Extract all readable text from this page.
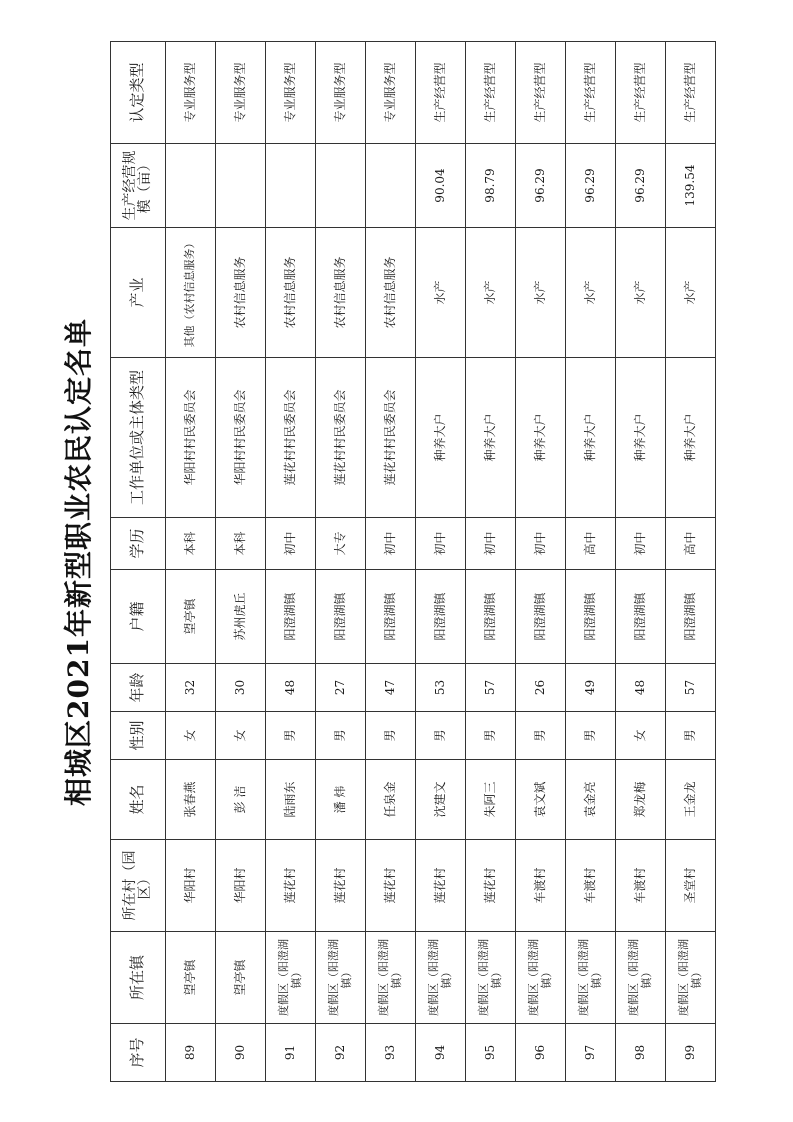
相城区2021年新型职业农民认定名单
序号	所在镇	所在村（园区）	姓名	性别	年龄	户籍	学历	工作单位或主体类型	产业	生产经营规模（亩）	认定类型
89	望亭镇	华阳村	张春燕	女	32	望亭镇	本科	华阳村村民委员会	其他（农村信息服务）		专业服务型
90	望亭镇	华阳村	彭 洁	女	30	苏州虎丘	本科	华阳村村民委员会	农村信息服务		专业服务型
91	度假区（阳澄湖镇）	莲花村	陆雨东	男	48	阳澄湖镇	初中	莲花村村民委员会	农村信息服务		专业服务型
92	度假区（阳澄湖镇）	莲花村	潘 炜	男	27	阳澄湖镇	大专	莲花村村民委员会	农村信息服务		专业服务型
93	度假区（阳澄湖镇）	莲花村	任泉金	男	47	阳澄湖镇	初中	莲花村村民委员会	农村信息服务		专业服务型
94	度假区（阳澄湖镇）	莲花村	沈建文	男	53	阳澄湖镇	初中	种养大户	水产	90.04	生产经营型
95	度假区（阳澄湖镇）	莲花村	朱阿三	男	57	阳澄湖镇	初中	种养大户	水产	98.79	生产经营型
96	度假区（阳澄湖镇）	车渡村	袁文斌	男	26	阳澄湖镇	初中	种养大户	水产	96.29	生产经营型
97	度假区（阳澄湖镇）	车渡村	袁金亮	男	49	阳澄湖镇	高中	种养大户	水产	96.29	生产经营型
98	度假区（阳澄湖镇）	车渡村	郑龙梅	女	48	阳澄湖镇	初中	种养大户	水产	96.29	生产经营型
99	度假区（阳澄湖镇）	圣堂村	王金龙	男	57	阳澄湖镇	高中	种养大户	水产	139.54	生产经营型
